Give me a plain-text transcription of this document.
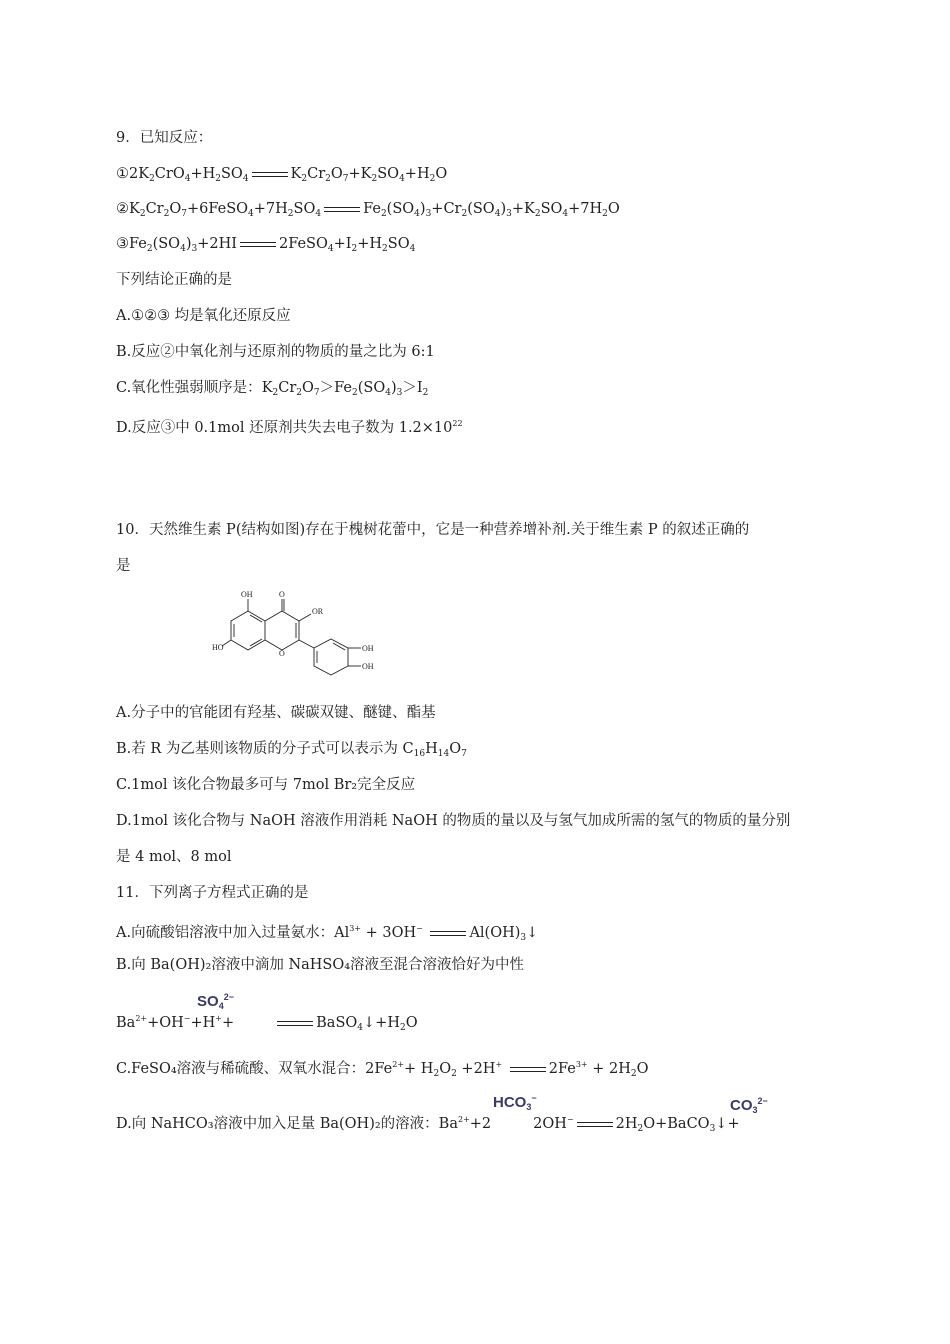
9．已知反应：
$①2K_2CrO_4+H_2SO_4$	$K_2Cr_2O_7+K_2SO_4+H_2O$
$②K_2Cr_2O_7+6FeSO_4+7H_2SO_4$	$Fe_2(SO_4)_3+Cr_2(SO_4)_3+K_2SO_4+7H_2O$
$③Fe_2(SO_4)_3+2HI$	$2FeSO_4+I_2+H_2SO_4$
下列结论正确的是
A.①②③ 均是氧化还原反应
B.反应②中氧化剂与还原剂的物质的量之比为 6:1
C.氧化性强弱顺序是：$K_2Cr_2O_7>Fe_2(SO_4)_3>I_2$
D.反应③中 0.1mol 还原剂共失去电子数为 $1.2\times 10^{22}$
10．天然维生素 P(结构如图)存在于槐树花蕾中，它是一种营养增补剂.关于维生素 P 的叙述正确的
是
OH	O
OR
HO
O
OH
OH
A.分子中的官能团有羟基、碳碳双键、醚键、酯基
B.若 R 为乙基则该物质的分子式可以表示为 $C_{16}H_{14}O_7$
C.1mol 该化合物最多可与 7mol Br₂完全反应
D.1mol 该化合物与 NaOH 溶液作用消耗 NaOH 的物质的量以及与氢气加成所需的氢气的物质的量分别
是 4 mol、8 mol
11．下列离子方程式正确的是
A.向硫酸铝溶液中加入过量氨水：$Al^{3+} + 3OH^-$	$Al(OH)_3↓$
B.向 Ba(OH)₂溶液中滴加 NaHSO₄溶液至混合溶液恰好为中性
$Ba^{2+}+OH^-+H^++$	$BaSO_4↓+H_2O$
$SO_4^{2-}$
C.FeSO₄溶液与稀硫酸、双氧水混合：$2Fe^{2+}+ H_2O_2 +2H^+$	$2Fe^{3+} + 2H_2O$
D.向 NaHCO₃溶液中加入足量 Ba(OH)₂的溶液：$Ba^{2+}+2$	2OH−	$2H_2O+BaCO_3↓+$
$HCO_3^-$	$CO_3^{2-}$
